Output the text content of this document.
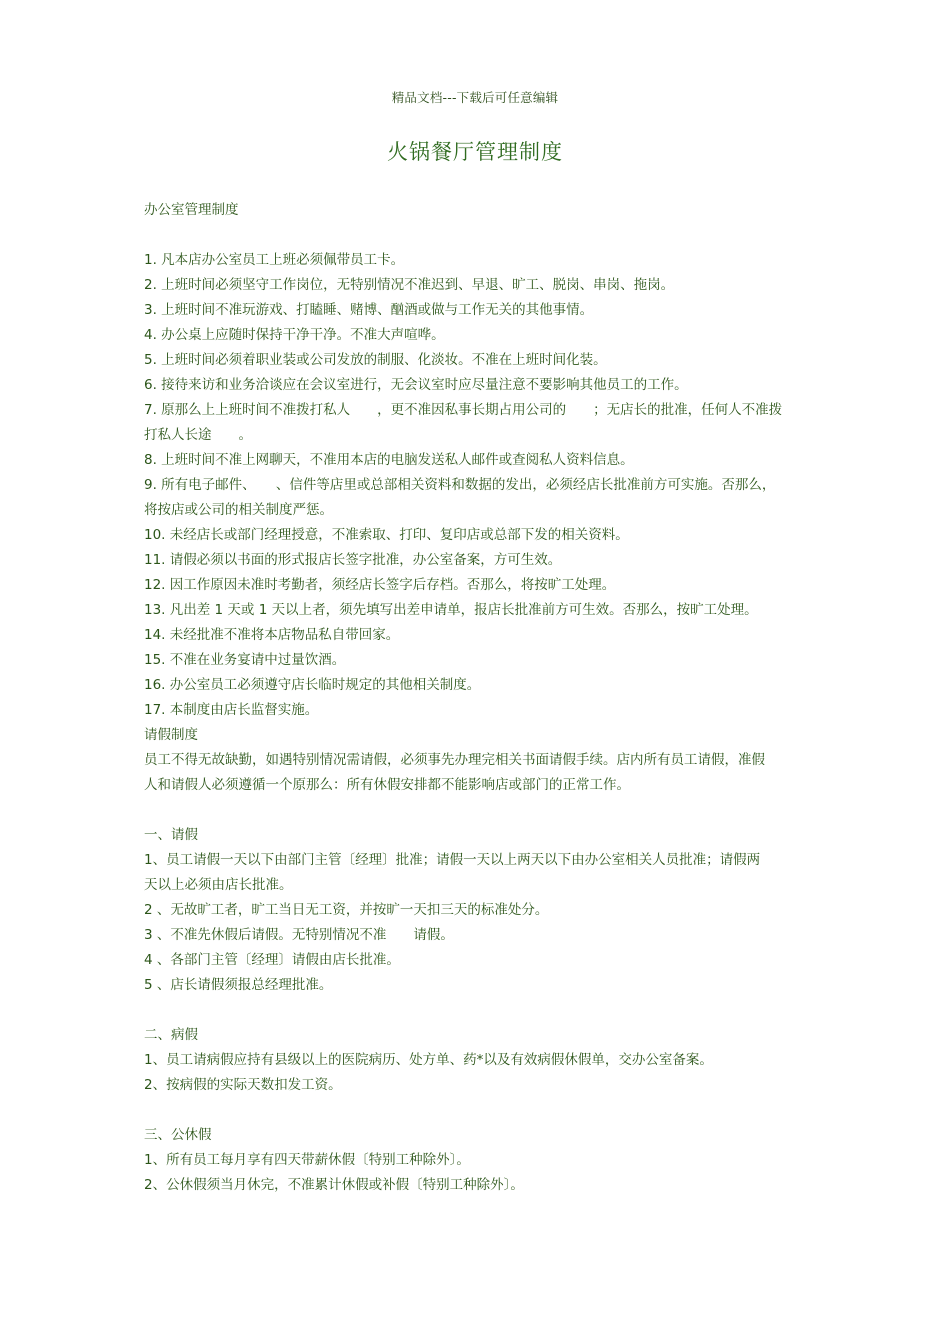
精品文档---下载后可任意编辑
火锅餐厅管理制度
办公室管理制度
1. 凡本店办公室员工上班必须佩带员工卡。
2. 上班时间必须坚守工作岗位，无特别情况不准迟到、早退、旷工、脱岗、串岗、拖岗。
3. 上班时间不准玩游戏、打瞌睡、赌博、酗酒或做与工作无关的其他事情。
4. 办公桌上应随时保持干净干净。不准大声喧哗。
5. 上班时间必须着职业装或公司发放的制服、化淡妆。不准在上班时间化装。
6. 接待来访和业务洽谈应在会议室进行，无会议室时应尽量注意不要影响其他员工的工作。
7. 原那么上上班时间不准拨打私人　　，更不准因私事长期占用公司的　　；无店长的批准，任何人不准拨
打私人长途　　。
8. 上班时间不准上网聊天，不准用本店的电脑发送私人邮件或查阅私人资料信息。
9. 所有电子邮件、　　、信件等店里或总部相关资料和数据的发出，必须经店长批准前方可实施。否那么，
将按店或公司的相关制度严惩。
10. 未经店长或部门经理授意，不准索取、打印、复印店或总部下发的相关资料。
11. 请假必须以书面的形式报店长签字批准，办公室备案，方可生效。
12. 因工作原因未准时考勤者，须经店长签字后存档。否那么，将按旷工处理。
13. 凡出差 1 天或 1 天以上者，须先填写出差申请单，报店长批准前方可生效。否那么，按旷工处理。
14. 未经批准不准将本店物品私自带回家。
15. 不准在业务宴请中过量饮酒。
16. 办公室员工必须遵守店长临时规定的其他相关制度。
17. 本制度由店长监督实施。
请假制度
员工不得无故缺勤，如遇特别情况需请假，必须事先办理完相关书面请假手续。店内所有员工请假，准假
人和请假人必须遵循一个原那么：所有休假安排都不能影响店或部门的正常工作。
一、请假
1、员工请假一天以下由部门主管〔经理〕批准；请假一天以上两天以下由办公室相关人员批准；请假两
天以上必须由店长批准。
2 、无故旷工者，旷工当日无工资，并按旷一天扣三天的标准处分。
3 、不准先休假后请假。无特别情况不准　　请假。
4 、各部门主管〔经理〕请假由店长批准。
5 、店长请假须报总经理批准。
二、病假
1、员工请病假应持有县级以上的医院病历、处方单、药*以及有效病假休假单，交办公室备案。
2、按病假的实际天数扣发工资。
三、公休假
1、所有员工每月享有四天带薪休假〔特别工种除外〕。
2、公休假须当月休完，不准累计休假或补假〔特别工种除外〕。
